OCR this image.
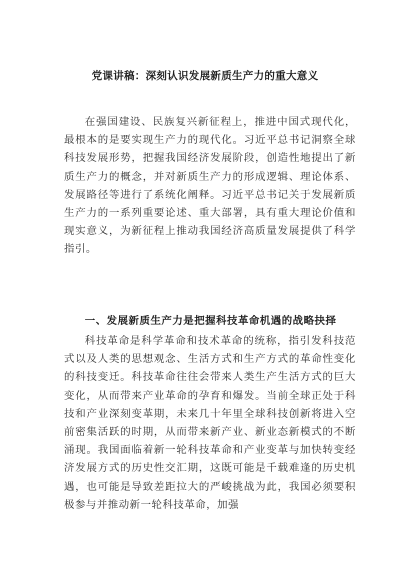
党课讲稿：深刻认识发展新质生产力的重大意义

在强国建设、民族复兴新征程上，推进中国式现代化，最根本的是要实现生产力的现代化。习近平总书记洞察全球科技发展形势，把握我国经济发展阶段，创造性地提出了新质生产力的概念，并对新质生产力的形成逻辑、理论体系、发展路径等进行了系统化阐释。习近平总书记关于发展新质生产力的一系列重要论述、重大部署，具有重大理论价值和现实意义，为新征程上推动我国经济高质量发展提供了科学指引。

一、发展新质生产力是把握科技革命机遇的战略抉择

科技革命是科学革命和技术革命的统称，指引发科技范式以及人类的思想观念、生活方式和生产方式的革命性变化的科技变迁。科技革命往往会带来人类生产生活方式的巨大变化，从而带来产业革命的孕育和爆发。当前全球正处于科技和产业深刻变革期，未来几十年里全球科技创新将进入空前密集活跃的时期，从而带来新产业、新业态新模式的不断涌现。我国面临着新一轮科技革命和产业变革与加快转变经济发展方式的历史性交汇期，这既可能是千载难逢的历史机遇，也可能是导致差距拉大的严峻挑战为此，我国必须要积极参与并推动新一轮科技革命，加强
